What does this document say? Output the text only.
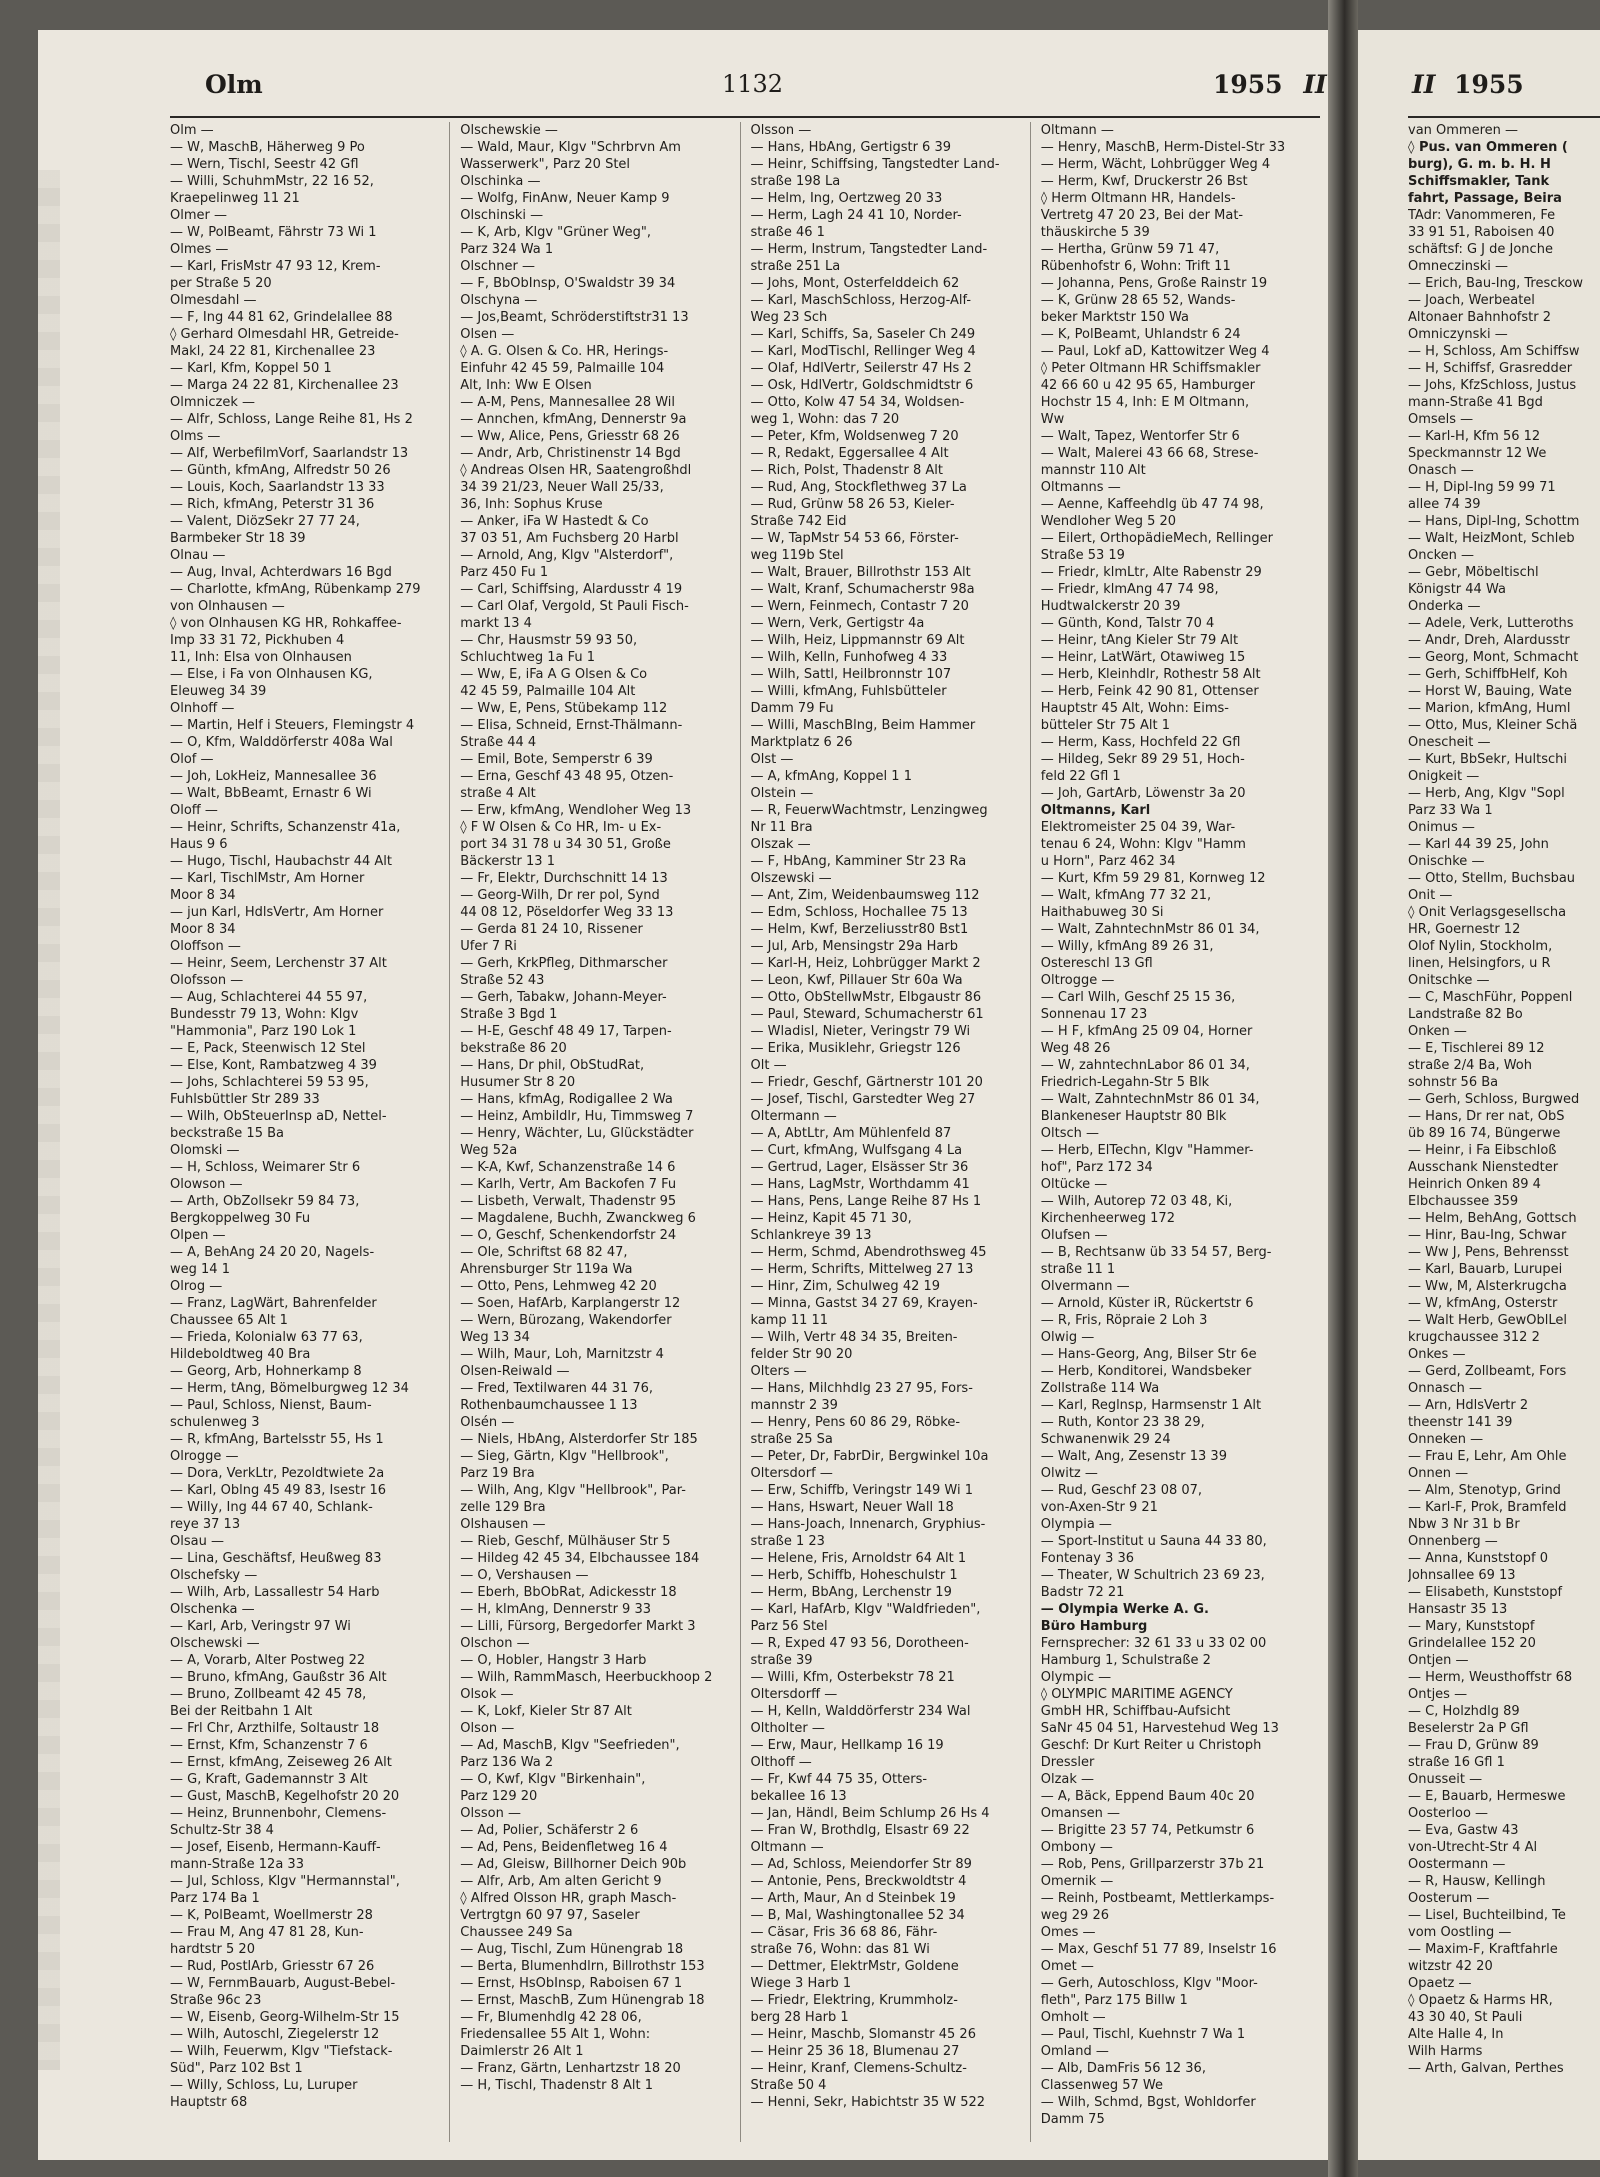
Olm	1132	1955 II	II 1955
Olm —
— W, MaschB, Häherweg 9 Po
— Wern, Tischl, Seestr 42 Gfl
— Willi, SchuhmMstr, 22 16 52,
Kraepelinweg 11 21
Olmer —
— W, PolBeamt, Fährstr 73 Wi 1
Olmes —
— Karl, FrisMstr 47 93 12, Krem-
per Straße 5 20
Olmesdahl —
— F, Ing 44 81 62, Grindelallee 88
◊ Gerhard Olmesdahl HR, Getreide-
Makl, 24 22 81, Kirchenallee 23
— Karl, Kfm, Koppel 50 1
— Marga 24 22 81, Kirchenallee 23
Olmniczek —
— Alfr, Schloss, Lange Reihe 81, Hs 2
Olms —
— Alf, WerbefilmVorf, Saarlandstr 13
— Günth, kfmAng, Alfredstr 50 26
— Louis, Koch, Saarlandstr 13 33
— Rich, kfmAng, Peterstr 31 36
— Valent, DiözSekr 27 77 24,
Barmbeker Str 18 39
Olnau —
— Aug, Inval, Achterdwars 16 Bgd
— Charlotte, kfmAng, Rübenkamp 279
von Olnhausen —
◊ von Olnhausen KG HR, Rohkaffee-
Imp 33 31 72, Pickhuben 4
11, Inh: Elsa von Olnhausen
— Else, i Fa von Olnhausen KG,
Eleuweg 34 39
Olnhoff —
— Martin, Helf i Steuers, Flemingstr 4
— O, Kfm, Walddörferstr 408a Wal
Olof —
— Joh, LokHeiz, Mannesallee 36
— Walt, BbBeamt, Ernastr 6 Wi
Oloff —
— Heinr, Schrifts, Schanzenstr 41a,
Haus 9 6
— Hugo, Tischl, Haubachstr 44 Alt
— Karl, TischlMstr, Am Horner
Moor 8 34
— jun Karl, HdlsVertr, Am Horner
Moor 8 34
Oloffson —
— Heinr, Seem, Lerchenstr 37 Alt
Olofsson —
— Aug, Schlachterei 44 55 97,
Bundesstr 79 13, Wohn: Klgv
"Hammonia", Parz 190 Lok 1
— E, Pack, Steenwisch 12 Stel
— Else, Kont, Rambatzweg 4 39
— Johs, Schlachterei 59 53 95,
Fuhlsbüttler Str 289 33
— Wilh, ObSteuerInsp aD, Nettel-
beckstraße 15 Ba
Olomski —
— H, Schloss, Weimarer Str 6
Olowson —
— Arth, ObZollsekr 59 84 73,
Bergkoppelweg 30 Fu
Olpen —
— A, BehAng 24 20 20, Nagels-
weg 14 1
Olrog —
— Franz, LagWärt, Bahrenfelder
Chaussee 65 Alt 1
— Frieda, Kolonialw 63 77 63,
Hildeboldtweg 40 Bra
— Georg, Arb, Hohnerkamp 8
— Herm, tAng, Bömelburgweg 12 34
— Paul, Schloss, Nienst, Baum-
schulenweg 3
— R, kfmAng, Bartelsstr 55, Hs 1
Olrogge —
— Dora, VerkLtr, Pezoldtwiete 2a
— Karl, Oblng 45 49 83, Isestr 16
— Willy, Ing 44 67 40, Schlank-
reye 37 13
Olsau —
— Lina, Geschäftsf, Heußweg 83
Olschefsky —
— Wilh, Arb, Lassallestr 54 Harb
Olschenka —
— Karl, Arb, Veringstr 97 Wi
Olschewski —
— A, Vorarb, Alter Postweg 22
— Bruno, kfmAng, Gaußstr 36 Alt
— Bruno, Zollbeamt 42 45 78,
Bei der Reitbahn 1 Alt
— Frl Chr, Arzthilfe, Soltaustr 18
— Ernst, Kfm, Schanzenstr 7 6
— Ernst, kfmAng, Zeiseweg 26 Alt
— G, Kraft, Gademannstr 3 Alt
— Gust, MaschB, Kegelhofstr 20 20
— Heinz, Brunnenbohr, Clemens-
Schultz-Str 38 4
— Josef, Eisenb, Hermann-Kauff-
mann-Straße 12a 33
— Jul, Schloss, Klgv "Hermannstal",
Parz 174 Ba 1
— K, PolBeamt, Woellmerstr 28
— Frau M, Ang 47 81 28, Kun-
hardtstr 5 20
— Rud, PostlArb, Griesstr 67 26
— W, FernmBauarb, August-Bebel-
Straße 96c 23
— W, Eisenb, Georg-Wilhelm-Str 15
— Wilh, Autoschl, Ziegelerstr 12
— Wilh, Feuerwm, Klgv "Tiefstack-
Süd", Parz 102 Bst 1
— Willy, Schloss, Lu, Luruper
Hauptstr 68
Olschewskie —
— Wald, Maur, Klgv "Schrbrvn Am
Wasserwerk", Parz 20 Stel
Olschinka —
— Wolfg, FinAnw, Neuer Kamp 9
Olschinski —
— K, Arb, Klgv "Grüner Weg",
Parz 324 Wa 1
Olschner —
— F, BbObInsp, O'Swaldstr 39 34
Olschyna —
— Jos,Beamt, Schröderstiftstr31 13
Olsen —
◊ A. G. Olsen & Co. HR, Herings-
Einfuhr 42 45 59, Palmaille 104
Alt, Inh: Ww E Olsen
— A-M, Pens, Mannesallee 28 Wil
— Annchen, kfmAng, Dennerstr 9a
— Ww, Alice, Pens, Griesstr 68 26
— Andr, Arb, Christinenstr 14 Bgd
◊ Andreas Olsen HR, Saatengroßhdl
34 39 21/23, Neuer Wall 25/33,
36, Inh: Sophus Kruse
— Anker, iFa W Hastedt & Co
37 03 51, Am Fuchsberg 20 Harbl
— Arnold, Ang, Klgv "Alsterdorf",
Parz 450 Fu 1
— Carl, Schiffsing, Alardusstr 4 19
— Carl Olaf, Vergold, St Pauli Fisch-
markt 13 4
— Chr, Hausmstr 59 93 50,
Schluchtweg 1a Fu 1
— Ww, E, iFa A G Olsen & Co
42 45 59, Palmaille 104 Alt
— Ww, E, Pens, Stübekamp 112
— Elisa, Schneid, Ernst-Thälmann-
Straße 44 4
— Emil, Bote, Semperstr 6 39
— Erna, Geschf 43 48 95, Otzen-
straße 4 Alt
— Erw, kfmAng, Wendloher Weg 13
◊ F W Olsen & Co HR, Im- u Ex-
port 34 31 78 u 34 30 51, Große
Bäckerstr 13 1
— Fr, Elektr, Durchschnitt 14 13
— Georg-Wilh, Dr rer pol, Synd
44 08 12, Pöseldorfer Weg 33 13
— Gerda 81 24 10, Rissener
Ufer 7 Ri
— Gerh, KrkPfleg, Dithmarscher
Straße 52 43
— Gerh, Tabakw, Johann-Meyer-
Straße 3 Bgd 1
— H-E, Geschf 48 49 17, Tarpen-
bekstraße 86 20
— Hans, Dr phil, ObStudRat,
Husumer Str 8 20
— Hans, kfmAg, Rodigallee 2 Wa
— Heinz, Ambildlr, Hu, Timmsweg 7
— Henry, Wächter, Lu, Glückstädter
Weg 52a
— K-A, Kwf, Schanzenstraße 14 6
— Karlh, Vertr, Am Backofen 7 Fu
— Lisbeth, Verwalt, Thadenstr 95
— Magdalene, Buchh, Zwanckweg 6
— O, Geschf, Schenkendorfstr 24
— Ole, Schriftst 68 82 47,
Ahrensburger Str 119a Wa
— Otto, Pens, Lehmweg 42 20
— Soen, HafArb, Karplangerstr 12
— Wern, Bürozang, Wakendorfer
Weg 13 34
— Wilh, Maur, Loh, Marnitzstr 4
Olsen-Reiwald —
— Fred, Textilwaren 44 31 76,
Rothenbaumchaussee 1 13
Olsén —
— Niels, HbAng, Alsterdorfer Str 185
— Sieg, Gärtn, Klgv "Hellbrook",
Parz 19 Bra
— Wilh, Ang, Klgv "Hellbrook", Par-
zelle 129 Bra
Olshausen —
— Rieb, Geschf, Mülhäuser Str 5
— Hildeg 42 45 34, Elbchaussee 184
— O, Vershausen —
— Eberh, BbObRat, Adickesstr 18
— H, klmAng, Dennerstr 9 33
— Lilli, Fürsorg, Bergedorfer Markt 3
Olschon —
— O, Hobler, Hangstr 3 Harb
— Wilh, RammMasch, Heerbuckhoop 2
Olsok —
— K, Lokf, Kieler Str 87 Alt
Olson —
— Ad, MaschB, Klgv "Seefrieden",
Parz 136 Wa 2
— O, Kwf, Klgv "Birkenhain",
Parz 129 20
Olsson —
— Ad, Polier, Schäferstr 2 6
— Ad, Pens, Beidenfletweg 16 4
— Ad, Gleisw, Billhorner Deich 90b
— Alfr, Arb, Am alten Gericht 9
◊ Alfred Olsson HR, graph Masch-
Vertrgtgn 60 97 97, Saseler
Chaussee 249 Sa
— Aug, Tischl, Zum Hünengrab 18
— Berta, Blumenhdlrn, Billrothstr 153
— Ernst, HsObInsp, Raboisen 67 1
— Ernst, MaschB, Zum Hünengrab 18
— Fr, Blumenhdlg 42 28 06,
Friedensallee 55 Alt 1, Wohn:
Daimlerstr 26 Alt 1
— Franz, Gärtn, Lenhartzstr 18 20
— H, Tischl, Thadenstr 8 Alt 1
Olsson —
— Hans, HbAng, Gertigstr 6 39
— Heinr, Schiffsing, Tangstedter Land-
straße 198 La
— Helm, Ing, Oertzweg 20 33
— Herm, Lagh 24 41 10, Norder-
straße 46 1
— Herm, Instrum, Tangstedter Land-
straße 251 La
— Johs, Mont, Osterfelddeich 62
— Karl, MaschSchloss, Herzog-Alf-
Weg 23 Sch
— Karl, Schiffs, Sa, Saseler Ch 249
— Karl, ModTischl, Rellinger Weg 4
— Olaf, HdlVertr, Seilerstr 47 Hs 2
— Osk, HdlVertr, Goldschmidtstr 6
— Otto, Kolw 47 54 34, Woldsen-
weg 1, Wohn: das 7 20
— Peter, Kfm, Woldsenweg 7 20
— R, Redakt, Eggersallee 4 Alt
— Rich, Polst, Thadenstr 8 Alt
— Rud, Ang, Stockflethweg 37 La
— Rud, Grünw 58 26 53, Kieler-
Straße 742 Eid
— W, TapMstr 54 53 66, Förster-
weg 119b Stel
— Walt, Brauer, Billrothstr 153 Alt
— Walt, Kranf, Schumacherstr 98a
— Wern, Feinmech, Contastr 7 20
— Wern, Verk, Gertigstr 4a
— Wilh, Heiz, Lippmannstr 69 Alt
— Wilh, Kelln, Funhofweg 4 33
— Wilh, Sattl, Heilbronnstr 107
— Willi, kfmAng, Fuhlsbütteler
Damm 79 Fu
— Willi, MaschBlng, Beim Hammer
Marktplatz 6 26
Olst —
— A, kfmAng, Koppel 1 1
Olstein —
— R, FeuerwWachtmstr, Lenzingweg
Nr 11 Bra
Olszak —
— F, HbAng, Kamminer Str 23 Ra
Olszewski —
— Ant, Zim, Weidenbaumsweg 112
— Edm, Schloss, Hochallee 75 13
— Helm, Kwf, Berzeliusstr80 Bst1
— Jul, Arb, Mensingstr 29a Harb
— Karl-H, Heiz, Lohbrügger Markt 2
— Leon, Kwf, Pillauer Str 60a Wa
— Otto, ObStellwMstr, Elbgaustr 86
— Paul, Steward, Schumacherstr 61
— Wladisl, Nieter, Veringstr 79 Wi
— Erika, Musiklehr, Griegstr 126
Olt —
— Friedr, Geschf, Gärtnerstr 101 20
— Josef, Tischl, Garstedter Weg 27
Oltermann —
— A, AbtLtr, Am Mühlenfeld 87
— Curt, kfmAng, Wulfsgang 4 La
— Gertrud, Lager, Elsässer Str 36
— Hans, LagMstr, Worthdamm 41
— Hans, Pens, Lange Reihe 87 Hs 1
— Heinz, Kapit 45 71 30,
Schlankreye 39 13
— Herm, Schmd, Abendrothsweg 45
— Herm, Schrifts, Mittelweg 27 13
— Hinr, Zim, Schulweg 42 19
— Minna, Gastst 34 27 69, Krayen-
kamp 11 11
— Wilh, Vertr 48 34 35, Breiten-
felder Str 90 20
Olters —
— Hans, Milchhdlg 23 27 95, Fors-
mannstr 2 39
— Henry, Pens 60 86 29, Röbke-
straße 25 Sa
— Peter, Dr, FabrDir, Bergwinkel 10a
Oltersdorf —
— Erw, Schiffb, Veringstr 149 Wi 1
— Hans, Hswart, Neuer Wall 18
— Hans-Joach, Innenarch, Gryphius-
straße 1 23
— Helene, Fris, Arnoldstr 64 Alt 1
— Herb, Schiffb, Hoheschulstr 1
— Herm, BbAng, Lerchenstr 19
— Karl, HafArb, Klgv "Waldfrieden",
Parz 56 Stel
— R, Exped 47 93 56, Dorotheen-
straße 39
— Willi, Kfm, Osterbekstr 78 21
Oltersdorff —
— H, Kelln, Walddörferstr 234 Wal
Oltholter —
— Erw, Maur, Hellkamp 16 19
Olthoff —
— Fr, Kwf 44 75 35, Otters-
bekallee 16 13
— Jan, Händl, Beim Schlump 26 Hs 4
— Fran W, Brothdlg, Elsastr 69 22
Oltmann —
— Ad, Schloss, Meiendorfer Str 89
— Antonie, Pens, Breckwoldtstr 4
— Arth, Maur, An d Steinbek 19
— B, Mal, Washingtonallee 52 34
— Cäsar, Fris 36 68 86, Fähr-
straße 76, Wohn: das 81 Wi
— Dettmer, ElektrMstr, Goldene
Wiege 3 Harb 1
— Friedr, Elektring, Krummholz-
berg 28 Harb 1
— Heinr, Maschb, Slomanstr 45 26
— Heinr 25 36 18, Blumenau 27
— Heinr, Kranf, Clemens-Schultz-
Straße 50 4
— Henni, Sekr, Habichtstr 35 W 522
Oltmann —
— Henry, MaschB, Herm-Distel-Str 33
— Herm, Wächt, Lohbrügger Weg 4
— Herm, Kwf, Druckerstr 26 Bst
◊ Herm Oltmann HR, Handels-
Vertretg 47 20 23, Bei der Mat-
thäuskirche 5 39
— Hertha, Grünw 59 71 47,
Rübenhofstr 6, Wohn: Trift 11
— Johanna, Pens, Große Rainstr 19
— K, Grünw 28 65 52, Wands-
beker Marktstr 150 Wa
— K, PolBeamt, Uhlandstr 6 24
— Paul, Lokf aD, Kattowitzer Weg 4
◊ Peter Oltmann HR Schiffsmakler
42 66 60 u 42 95 65, Hamburger
Hochstr 15 4, Inh: E M Oltmann,
Ww
— Walt, Tapez, Wentorfer Str 6
— Walt, Malerei 43 66 68, Strese-
mannstr 110 Alt
Oltmanns —
— Aenne, Kaffeehdlg üb 47 74 98,
Wendloher Weg 5 20
— Eilert, OrthopädieMech, Rellinger
Straße 53 19
— Friedr, klmLtr, Alte Rabenstr 29
— Friedr, klmAng 47 74 98,
Hudtwalckerstr 20 39
— Günth, Kond, Talstr 70 4
— Heinr, tAng Kieler Str 79 Alt
— Heinr, LatWärt, Otawiweg 15
— Herb, Kleinhdlr, Rothestr 58 Alt
— Herb, Feink 42 90 81, Ottenser
Hauptstr 45 Alt, Wohn: Eims-
bütteler Str 75 Alt 1
— Herm, Kass, Hochfeld 22 Gfl
— Hildeg, Sekr 89 29 51, Hoch-
feld 22 Gfl 1
— Joh, GartArb, Löwenstr 3a 20
Oltmanns, Karl
Elektromeister 25 04 39, War-
tenau 6 24, Wohn: Klgv "Hamm
u Horn", Parz 462 34
— Kurt, Kfm 59 29 81, Kornweg 12
— Walt, kfmAng 77 32 21,
Haithabuweg 30 Si
— Walt, ZahntechnMstr 86 01 34,
— Willy, kfmAng 89 26 31,
Ostereschl 13 Gfl
Oltrogge —
— Carl Wilh, Geschf 25 15 36,
Sonnenau 17 23
— H F, kfmAng 25 09 04, Horner
Weg 48 26
— W, zahntechnLabor 86 01 34,
Friedrich-Legahn-Str 5 Blk
— Walt, ZahntechnMstr 86 01 34,
Blankeneser Hauptstr 80 Blk
Oltsch —
— Herb, ElTechn, Klgv "Hammer-
hof", Parz 172 34
Oltücke —
— Wilh, Autorep 72 03 48, Ki,
Kirchenheerweg 172
Olufsen —
— B, Rechtsanw üb 33 54 57, Berg-
straße 11 1
Olvermann —
— Arnold, Küster iR, Rückertstr 6
— R, Fris, Röpraie 2 Loh 3
Olwig —
— Hans-Georg, Ang, Bilser Str 6e
— Herb, Konditorei, Wandsbeker
Zollstraße 114 Wa
— Karl, Reglnsp, Harmsenstr 1 Alt
— Ruth, Kontor 23 38 29,
Schwanenwik 29 24
— Walt, Ang, Zesenstr 13 39
Olwitz —
— Rud, Geschf 23 08 07,
von-Axen-Str 9 21
Olympia —
— Sport-Institut u Sauna 44 33 80,
Fontenay 3 36
— Theater, W Schultrich 23 69 23,
Badstr 72 21
— Olympia Werke A. G.
Büro Hamburg
Fernsprecher: 32 61 33 u 33 02 00
Hamburg 1, Schulstraße 2
Olympic —
◊ OLYMPIC MARITIME AGENCY
GmbH HR, Schiffbau-Aufsicht
SaNr 45 04 51, Harvestehud Weg 13
Geschf: Dr Kurt Reiter u Christoph
Dressler
Olzak —
— A, Bäck, Eppend Baum 40c 20
Omansen —
— Brigitte 23 57 74, Petkumstr 6
Ombony —
— Rob, Pens, Grillparzerstr 37b 21
Omernik —
— Reinh, Postbeamt, Mettlerkamps-
weg 29 26
Omes —
— Max, Geschf 51 77 89, Inselstr 16
Omet —
— Gerh, Autoschloss, Klgv "Moor-
fleth", Parz 175 Billw 1
Omholt —
— Paul, Tischl, Kuehnstr 7 Wa 1
Omland —
— Alb, DamFris 56 12 36,
Classenweg 57 We
— Wilh, Schmd, Bgst, Wohldorfer
Damm 75
van Ommeren —
◊ Pus. van Ommeren (
burg), G. m. b. H. H
Schiffsmakler, Tank
fahrt, Passage, Beira
TAdr: Vanommeren, Fe
33 91 51, Raboisen 40
schäftsf: G J de Jonche
Omneczinski —
— Erich, Bau-Ing, Tresckow
— Joach, Werbeatel
Altonaer Bahnhofstr 2
Omniczynski —
— H, Schloss, Am Schiffsw
— H, Schiffsf, Grasredder
— Johs, KfzSchloss, Justus
mann-Straße 41 Bgd
Omsels —
— Karl-H, Kfm 56 12
Speckmannstr 12 We
Onasch —
— H, Dipl-Ing 59 99 71
allee 74 39
— Hans, Dipl-Ing, Schottm
— Walt, HeizMont, Schleb
Oncken —
— Gebr, Möbeltischl
Königstr 44 Wa
Onderka —
— Adele, Verk, Lutteroths
— Andr, Dreh, Alardusstr
— Georg, Mont, Schmacht
— Gerh, SchiffbHelf, Koh
— Horst W, Bauing, Wate
— Marion, kfmAng, Huml
— Otto, Mus, Kleiner Schä
Onescheit —
— Kurt, BbSekr, Hultschi
Onigkeit —
— Herb, Ang, Klgv "Sopl
Parz 33 Wa 1
Onimus —
— Karl 44 39 25, John
Onischke —
— Otto, Stellm, Buchsbau
Onit —
◊ Onit Verlagsgesellscha
HR, Goernestr 12
Olof Nylin, Stockholm,
linen, Helsingfors, u R
Onitschke —
— C, MaschFühr, Poppenl
Landstraße 82 Bo
Onken —
— E, Tischlerei 89 12
straße 2/4 Ba, Woh
sohnstr 56 Ba
— Gerh, Schloss, Burgwed
— Hans, Dr rer nat, ObS
üb 89 16 74, Büngerwe
— Heinr, i Fa Eibschloß
Ausschank Nienstedter
Heinrich Onken 89 4
Elbchaussee 359
— Helm, BehAng, Gottsch
— Hinr, Bau-Ing, Schwar
— Ww J, Pens, Behrensst
— Karl, Bauarb, Lurupei
— Ww, M, Alsterkrugcha
— W, kfmAng, Osterstr
— Walt Herb, GewOblLel
krugchaussee 312 2
Onkes —
— Gerd, Zollbeamt, Fors
Onnasch —
— Arn, HdlsVertr 2
theenstr 141 39
Onneken —
— Frau E, Lehr, Am Ohle
Onnen —
— Alm, Stenotyp, Grind
— Karl-F, Prok, Bramfeld
Nbw 3 Nr 31 b Br
Onnenberg —
— Anna, Kunststopf 0
Johnsallee 69 13
— Elisabeth, Kunststopf
Hansastr 35 13
— Mary, Kunststopf
Grindelallee 152 20
Ontjen —
— Herm, Weusthoffstr 68
Ontjes —
— C, Holzhdlg 89
Beselerstr 2a P Gfl
— Frau D, Grünw 89
straße 16 Gfl 1
Onusseit —
— E, Bauarb, Hermeswe
Oosterloo —
— Eva, Gastw 43
von-Utrecht-Str 4 Al
Oostermann —
— R, Hausw, Kellingh
Oosterum —
— Lisel, Buchteilbind, Te
vom Oostling —
— Maxim-F, Kraftfahrle
witzstr 42 20
Opaetz —
◊ Opaetz & Harms HR,
43 30 40, St Pauli
Alte Halle 4, In
Wilh Harms
— Arth, Galvan, Perthes
